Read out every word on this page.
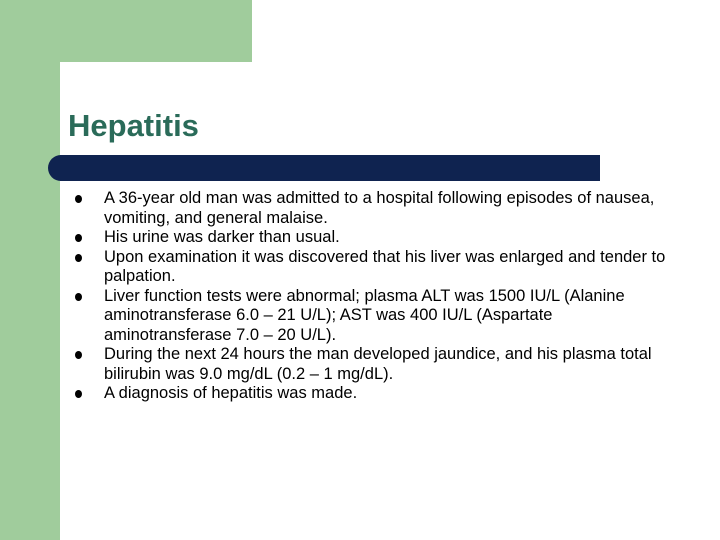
Hepatitis
A 36-year old man was admitted to a hospital following episodes of nausea, vomiting, and general malaise.
His urine was darker than usual.
Upon examination it was discovered that his liver was enlarged and tender to palpation.
Liver function tests were abnormal; plasma ALT was 1500 IU/L (Alanine aminotransferase 6.0 – 21 U/L); AST was 400 IU/L (Aspartate aminotransferase 7.0 – 20 U/L).
During the next 24 hours the man developed jaundice, and his plasma total bilirubin was 9.0 mg/dL (0.2 – 1 mg/dL).
A diagnosis of hepatitis was made.
